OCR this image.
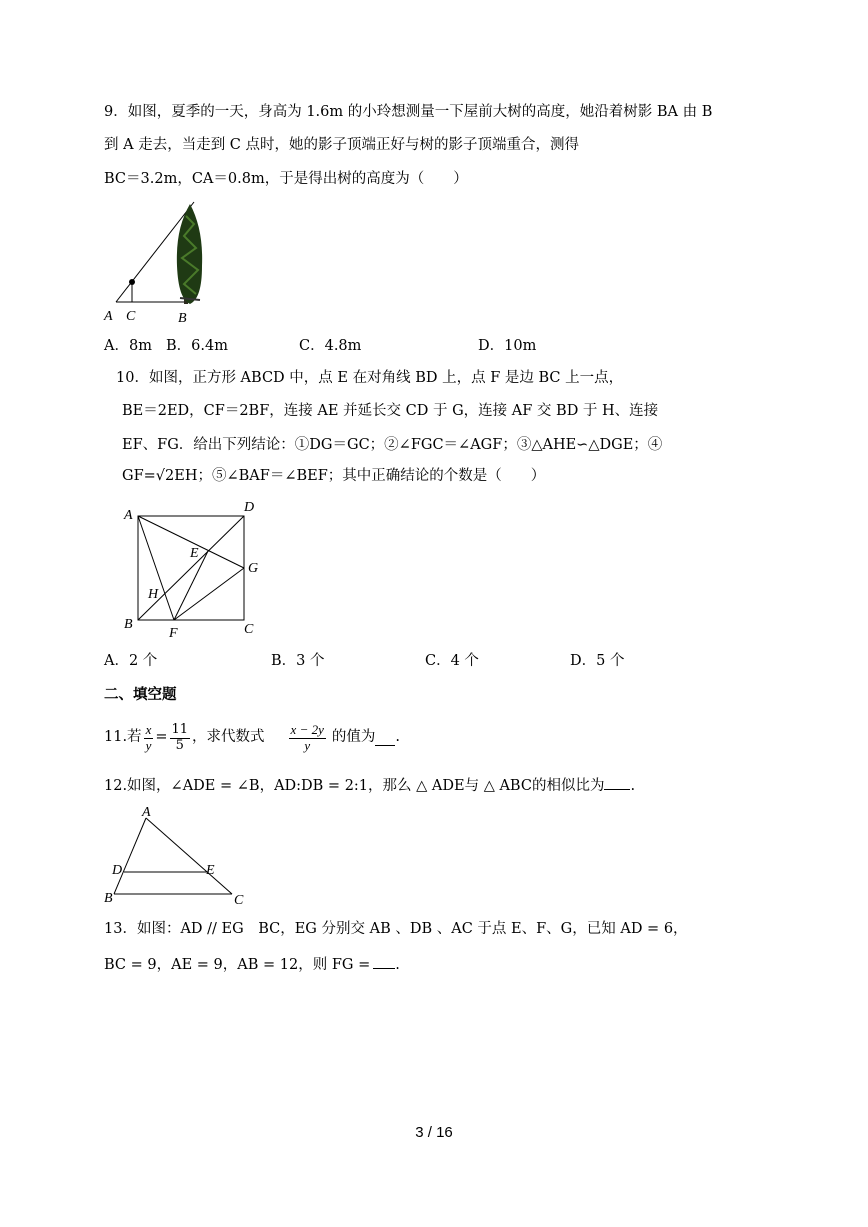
9．如图，夏季的一天，身高为 1.6m 的小玲想测量一下屋前大树的高度，她沿着树影 BA 由 B
到 A 走去，当走到 C 点时，她的影子顶端正好与树的影子顶端重合，测得
BC＝3.2m，CA＝0.8m，于是得出树的高度为（　　）
A C	B
A．8m B．6.4m	C．4.8m	D．10m
10．如图，正方形 ABCD 中，点 E 在对角线 BD 上，点 F 是边 BC 上一点，
BE＝2ED，CF＝2BF，连接 AE 并延长交 CD 于 G，连接 AF 交 BD 于 H、连接
EF、FG．给出下列结论：①DG＝GC；②∠FGC＝∠AGF；③△AHE∽△DGE；④
GF=√2EH；⑤∠BAF＝∠BEF；其中正确结论的个数是（　　）
A
D
E
G
H
B
F	C
A．2 个	B．3 个	C．4 个	D．5 个
二、填空题
11.若 $\frac{x}{y} = \frac{11}{5}$ ，求代数式 $\frac{x - 2y}{y}$ 的值为 .
12.如图，∠ADE = ∠B，AD:DB = 2:1，那么 △ ADE与 △ ABC的相似比为 .
A
D	E
B	C
13．如图：AD // EG　BC，EG 分别交 AB 、DB 、AC 于点 E、F、G，已知 AD = 6，
BC = 9，AE = 9，AB = 12，则 FG = .
3 / 16
